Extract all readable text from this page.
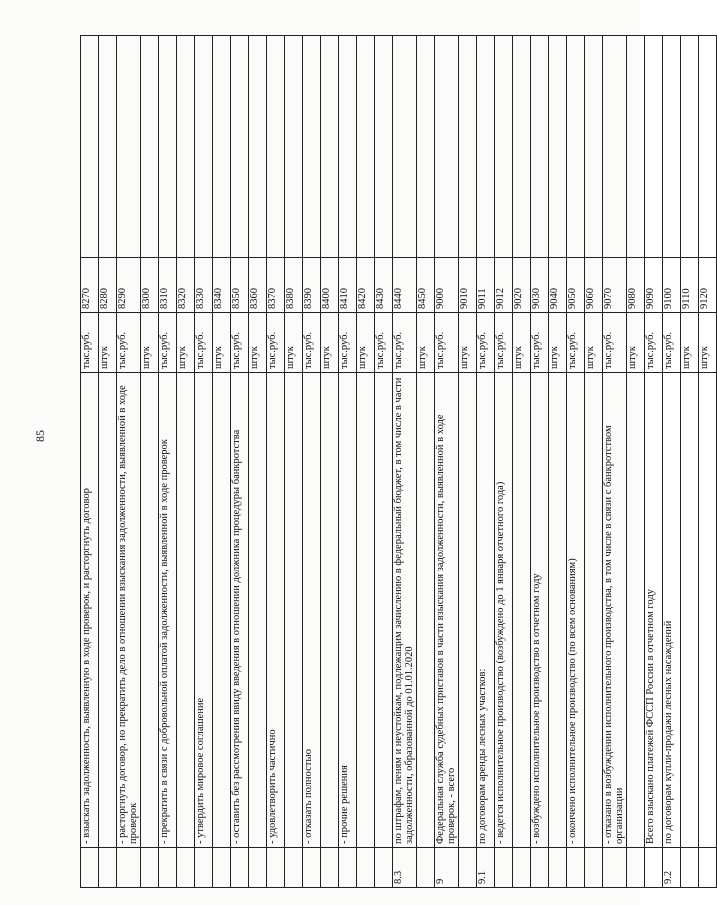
85
	- взыскать задолженность, выявленную в ходе проверок, и расторгнуть договор	тыс.руб.	8270	
		штук	8280	
	- расторгнуть договор, но прекратить дело в отношении взыскания задолженности, выявленной в ходе проверок	тыс.руб.	8290	
		штук	8300	
	- прекратить в связи с добровольной оплатой задолженности, выявленной в ходе проверок	тыс.руб.	8310	
		штук	8320	
	- утвердить мировое соглашение	тыс.руб.	8330	
		штук	8340	
	- оставить без рассмотрения ввиду введения в отношении должника процедуры банкротства	тыс.руб.	8350	
		штук	8360	
	- удовлетворить частично	тыс.руб.	8370	
		штук	8380	
	- отказать полностью	тыс.руб.	8390	
		штук	8400	
	- прочие решения	тыс.руб.	8410	
		штук	8420	
		тыс.руб.	8430	
8.3	по штрафам, пеням и неустойкам, подлежащим зачислению в федеральный бюджет, в том числе в части задолженности, образованной до 01.01.2020	тыс.руб.	8440	
		штук	8450	
9	Федеральная служба судебных приставов в части взыскания задолженности, выявленной в ходе проверок, - всего	тыс.руб.	9000	
		штук	9010	
9.1	по договорам аренды лесных участков:	тыс.руб.	9011	
	- ведется исполнительное производство (возбуждено до 1 января отчетного года)	тыс.руб.	9012	
		штук	9020	
	- возбуждено исполнительное производство в отчетном году	тыс.руб.	9030	
		штук	9040	
	- окончено исполнительное производство (по всем основаниям)	тыс.руб.	9050	
		штук	9060	
	- отказано в возбуждении исполнительного производства, в том числе в связи с банкротством организации	тыс.руб.	9070	
		штук	9080	
	Всего взыскано платежей ФССП России в отчетном году	тыс.руб.	9090	
9.2	по договорам купли-продажи лесных насаждений	тыс.руб.	9100	
		штук	9110	
		штук	9120	
